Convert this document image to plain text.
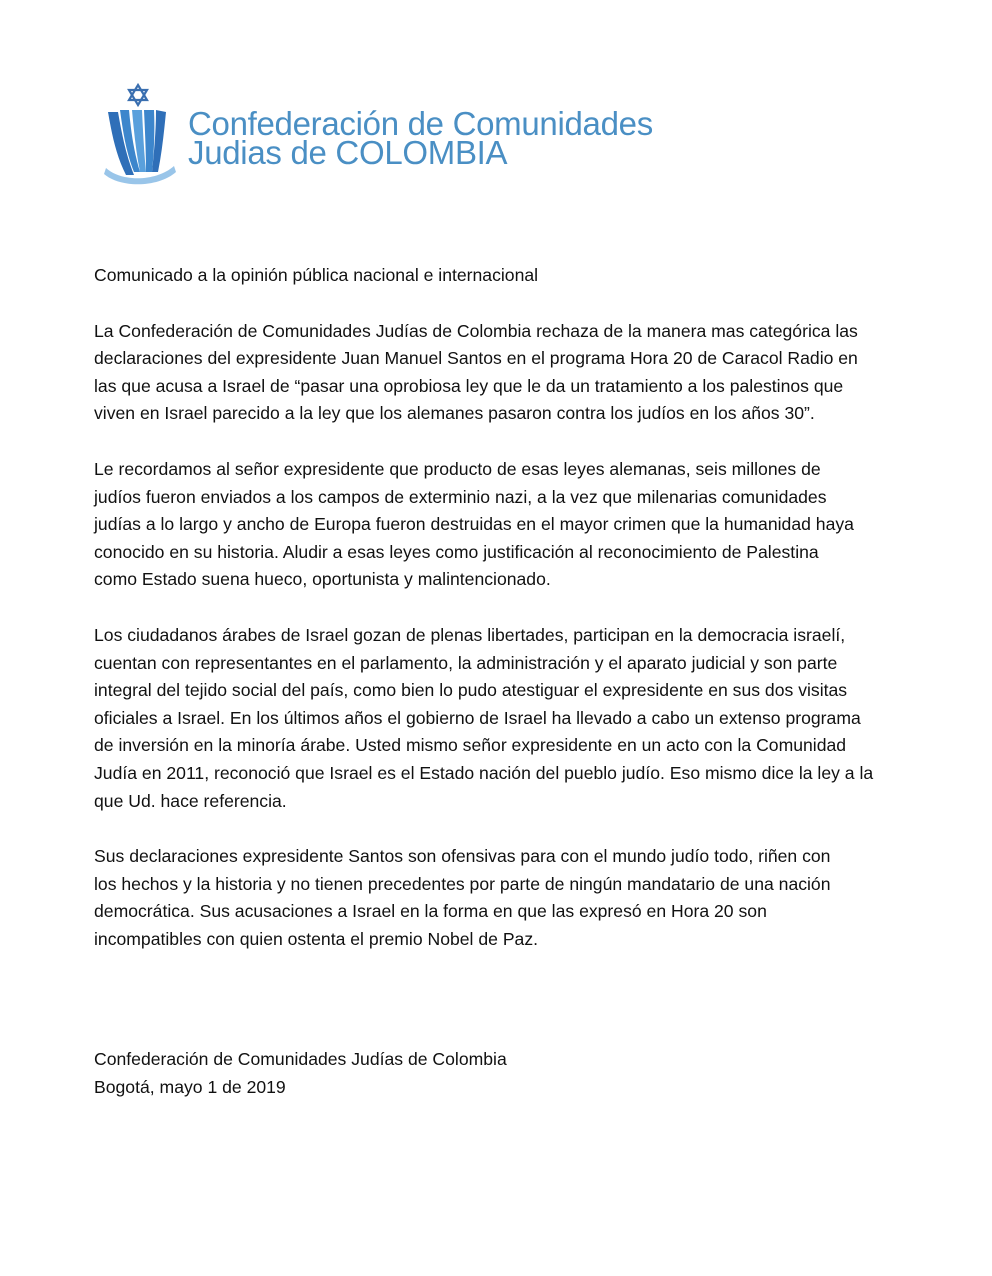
Confederación de Comunidades
Judias de COLOMBIA
Comunicado a la opinión pública nacional e internacional
La Confederación de Comunidades Judías de Colombia rechaza de la manera mas categórica las
declaraciones del expresidente Juan Manuel Santos en el programa Hora 20 de Caracol Radio en
las que acusa a Israel de “pasar una oprobiosa ley que le da un tratamiento a los palestinos que
viven en Israel parecido a la ley que los alemanes pasaron contra los judíos en los años 30”.
Le recordamos al señor expresidente que producto de esas leyes alemanas, seis millones de
judíos fueron enviados a los campos de exterminio nazi, a la vez que milenarias comunidades
judías a lo largo y ancho de Europa fueron destruidas en el mayor crimen que la humanidad haya
conocido en su historia. Aludir a esas leyes como justificación al reconocimiento de Palestina
como Estado suena hueco, oportunista y malintencionado.
Los ciudadanos árabes de Israel gozan de plenas libertades, participan en la democracia israelí,
cuentan con representantes en el parlamento, la administración y el aparato judicial y son parte
integral del tejido social del país, como bien lo pudo atestiguar el expresidente en sus dos visitas
oficiales a Israel. En los últimos años el gobierno de Israel ha llevado a cabo un extenso programa
de inversión en la minoría árabe. Usted mismo señor expresidente en un acto con la Comunidad
Judía en 2011, reconoció que Israel es el Estado nación del pueblo judío. Eso mismo dice la ley a la
que Ud. hace referencia.
Sus declaraciones expresidente Santos son ofensivas para con el mundo judío todo, riñen con
los hechos y la historia y no tienen precedentes por parte de ningún mandatario de una nación
democrática. Sus acusaciones a Israel en la forma en que las expresó en Hora 20 son
incompatibles con quien ostenta el premio Nobel de Paz.
Confederación de Comunidades Judías de Colombia
Bogotá, mayo 1 de 2019
